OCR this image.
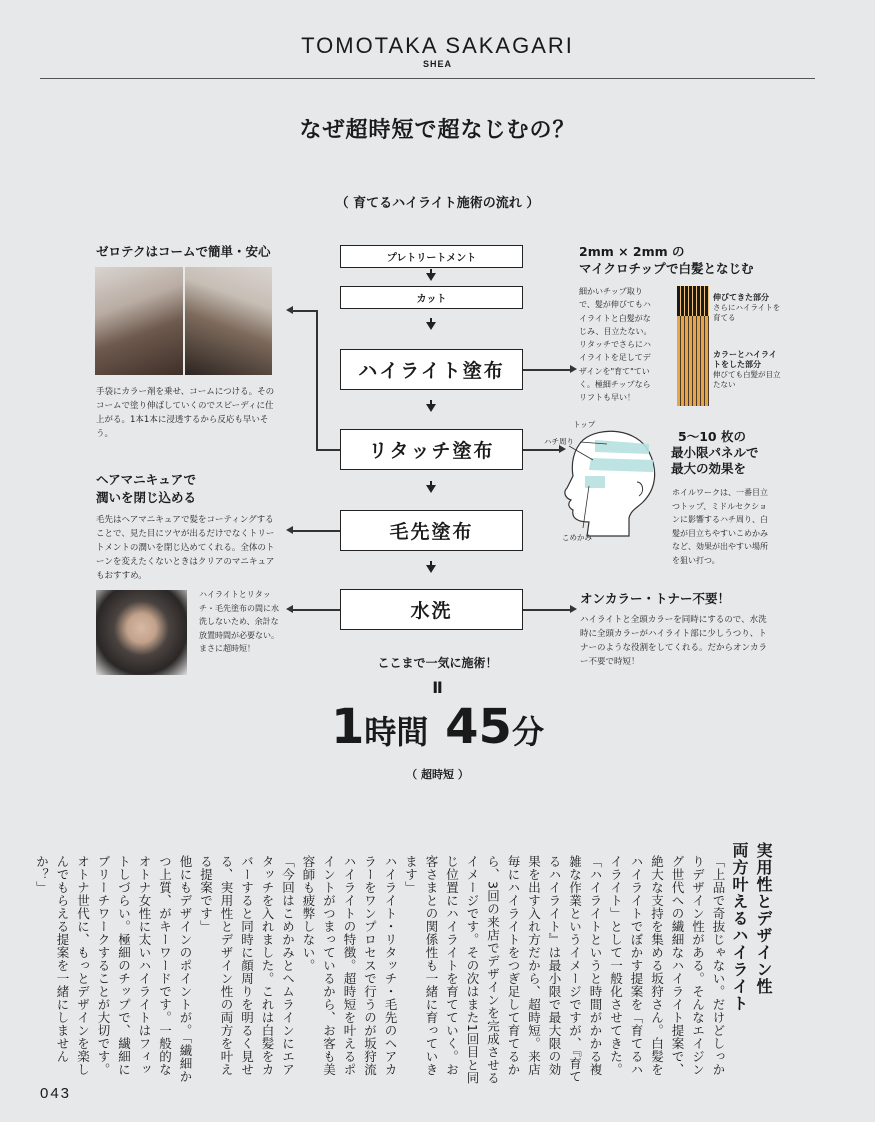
TOMOTAKA SAKAGARI
SHEA
なぜ超時短で超なじむの？
（ 育てるハイライト施術の流れ ）
プレトリートメント
カット
ハイライト塗布
リタッチ塗布
毛先塗布
水洗
ここまで一気に施術！
Ⅱ
1時間 45分
（ 超時短 ）
ゼロテクはコームで簡単・安心
手袋にカラー剤を乗せ、コームにつける。そのコームで塗り伸ばしていくのでスピーディに仕上がる。1本1本に浸透するから反応も早いそう。
ヘアマニキュアで
潤いを閉じ込める
毛先はヘアマニキュアで髪をコーティングすることで、見た目にツヤが出るだけでなくトリートメントの潤いを閉じ込めてくれる。全体のトーンを変えたくないときはクリアのマニキュアもおすすめ。
ハイライトとリタッチ・毛先塗布の間に水洗しないため、余計な放置時間が必要ない。まさに超時短！
2mm × 2mm の
マイクロチップで白髪となじむ
細かいチップ取りで、髪が伸びてもハイライトと白髪がなじみ、目立たない。リタッチでさらにハイライトを足してデザインを"育て"ていく。極細チップならリフトも早い！
伸びてきた部分
さらにハイライトを育てる
カラーとハイライトをした部分
伸びても白髪が目立たない
トップ
ハチ周り
こめかみ
5〜10 枚の
最小限パネルで
最大の効果を
ホイルワークは、一番目立つトップ、ミドルセクションに影響するハチ周り、白髪が目立ちやすいこめかみなど、効果が出やすい場所を狙い打つ。
オンカラー・トナー不要！
ハイライトと全頭カラーを同時にするので、水洗時に全頭カラーがハイライト部に少しうつり、トナーのような役割をしてくれる。だからオンカラー不要で時短！
実用性とデザイン性
両方叶えるハイライト

「上品で奇抜じゃない。だけどしっかりデザイン性がある。そんなエイジング世代への繊細なハイライト提案で、絶大な支持を集める坂狩さん。白髪をハイライトでぼかす提案を「育てるハイライト」として一般化させてきた。

「ハイライトというと時間がかかる複雑な作業というイメージですが、『育てるハイライト』は最小限で最大限の効果を出す入れ方だから、超時短。来店毎にハイライトをつぎ足して育てるから、3回の来店でデザインを完成させるイメージです。その次はまた1回目と同じ位置にハイライトを育てていく。お客さまとの関係性も一緒に育っていきます」

ハイライト・リタッチ・毛先のヘアカラーをワンプロセスで行うのが坂狩流ハイライトの特徴。超時短を叶えるポイントがつまっているから、お客も美容師も疲弊しない。

「今回はこめかみとヘムラインにエアタッチを入れました。これは白髪をカバーすると同時に顔周りを明るく見せる、実用性とデザイン性の両方を叶える提案です」

他にもデザインのポイントが。「繊細かつ上質、がキーワードです。一般的なオトナ女性に太いハイライトはフィットしづらい。極細のチップで、繊細にブリーチワークすることが大切です。オトナ世代に、もっとデザインを楽しんでもらえる提案を一緒にしませんか？」

043
